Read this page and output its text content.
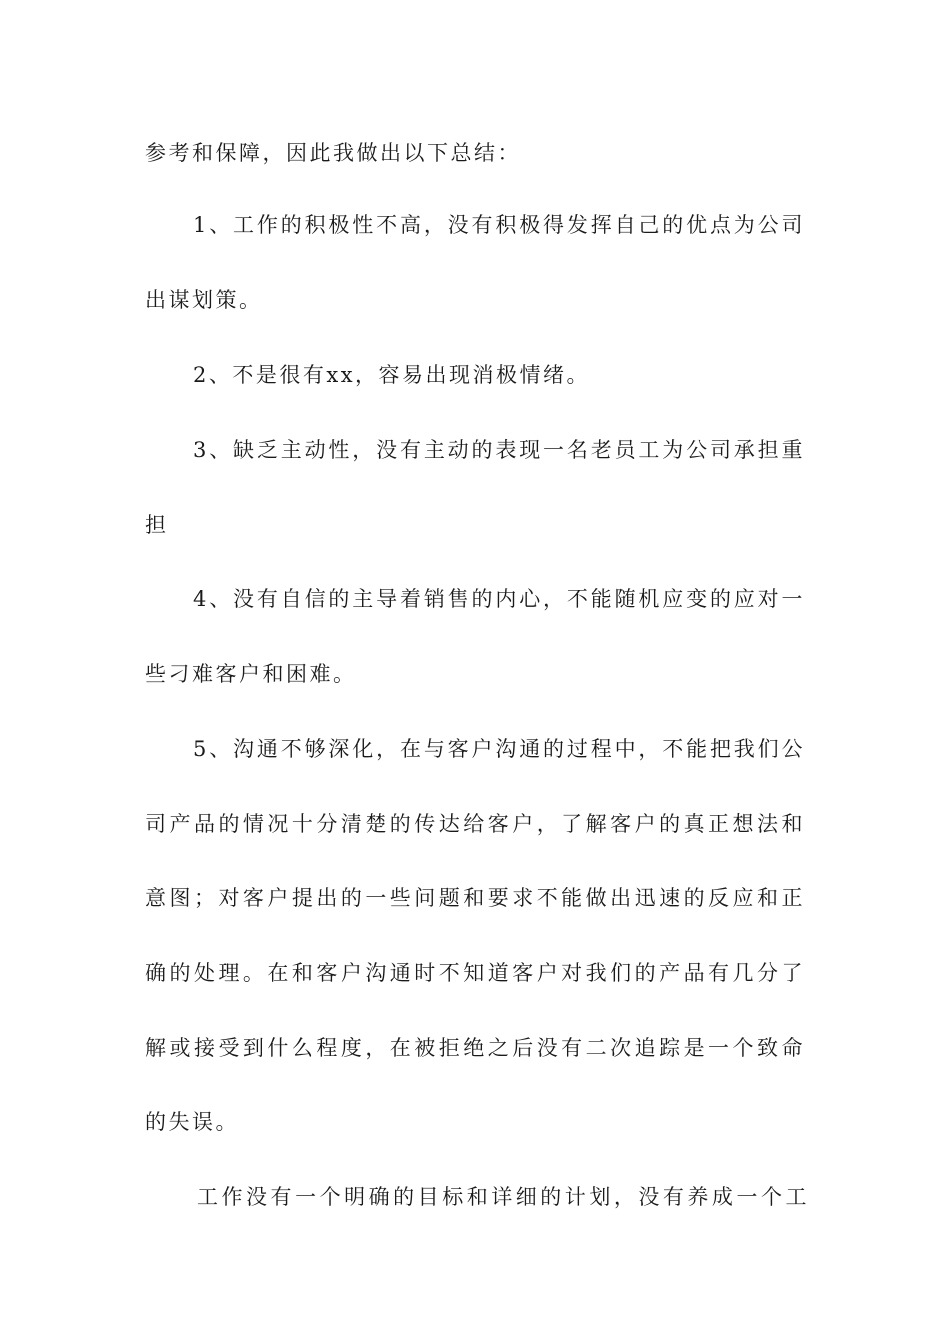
参考和保障，因此我做出以下总结：

1、工作的积极性不高，没有积极得发挥自己的优点为公司

出谋划策。

2、不是很有xx，容易出现消极情绪。

3、缺乏主动性，没有主动的表现一名老员工为公司承担重

担

4、没有自信的主导着销售的内心，不能随机应变的应对一

些刁难客户和困难。

5、沟通不够深化，在与客户沟通的过程中，不能把我们公

司产品的情况十分清楚的传达给客户，了解客户的真正想法和

意图；对客户提出的一些问题和要求不能做出迅速的反应和正

确的处理。在和客户沟通时不知道客户对我们的产品有几分了

解或接受到什么程度，在被拒绝之后没有二次追踪是一个致命

的失误。

工作没有一个明确的目标和详细的计划，没有养成一个工
